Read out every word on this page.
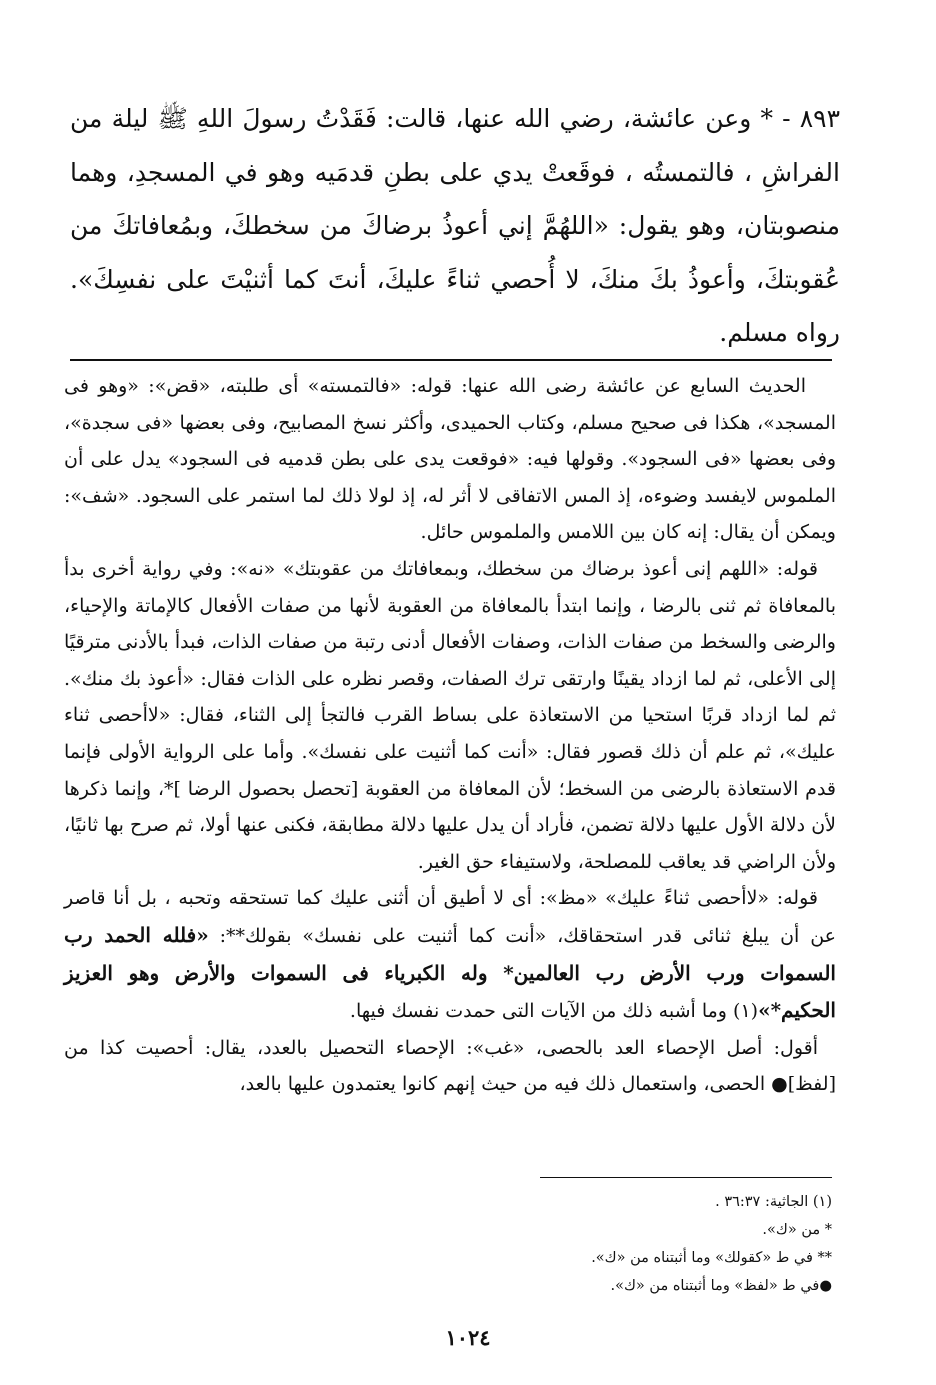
٨٩٣ - * وعن عائشة، رضي الله عنها، قالت: فَقَدْتُ رسولَ اللهِ ﷺ ليلة من الفراشِ ، فالتمستُه ، فوقَعتْ يدي على بطنِ قدمَيه وهو في المسجدِ، وهما منصوبتان، وهو يقول: «اللهُمَّ إني أعوذُ برضاكَ من سخطكَ، وبمُعافاتكَ من عُقوبتكَ، وأعوذُ بكَ منكَ، لا أُحصي ثناءً عليكَ، أنتَ كما أثنيْتَ على نفسِكَ». رواه مسلم.

الحديث السابع عن عائشة رضى الله عنها: قوله: «فالتمسته» أى طلبته، «قض»: «وهو فى المسجد»، هكذا فى صحيح مسلم، وكتاب الحميدى، وأكثر نسخ المصابيح، وفى بعضها «فى سجدة»، وفى بعضها «فى السجود». وقولها فيه: «فوقعت يدى على بطن قدميه فى السجود» يدل على أن الملموس لايفسد وضوءه، إذ المس الاتفاقى لا أثر له، إذ لولا ذلك لما استمر على السجود. «شف»: ويمكن أن يقال: إنه كان بين اللامس والملموس حائل.

قوله: «اللهم إنى أعوذ برضاك من سخطك، وبمعافاتك من عقوبتك» «نه»: وفي رواية أخرى بدأ بالمعافاة ثم ثنى بالرضا ، وإنما ابتدأ بالمعافاة من العقوبة لأنها من صفات الأفعال كالإماتة والإحياء، والرضى والسخط من صفات الذات، وصفات الأفعال أدنى رتبة من صفات الذات، فبدأ بالأدنى مترقيًا إلى الأعلى، ثم لما ازداد يقينًا وارتقى ترك الصفات، وقصر نظره على الذات فقال: «أعوذ بك منك». ثم لما ازداد قربًا استحيا من الاستعاذة على بساط القرب فالتجأ إلى الثناء، فقال: «لاأحصى ثناء عليك»، ثم علم أن ذلك قصور فقال: «أنت كما أثنيت على نفسك». وأما على الرواية الأولى فإنما قدم الاستعاذة بالرضى من السخط؛ لأن المعافاة من العقوبة [تحصل بحصول الرضا ]*، وإنما ذكرها لأن دلالة الأول عليها دلالة تضمن، فأراد أن يدل عليها دلالة مطابقة، فكنى عنها أولا، ثم صرح بها ثانيًا، ولأن الراضي قد يعاقب للمصلحة، ولاستيفاء حق الغير.

قوله: «لاأحصى ثناءً عليك» «مظ»: أى لا أطيق أن أثنى عليك كما تستحقه وتحبه ، بل أنا قاصر عن أن يبلغ ثنائى قدر استحقاقك، «أنت كما أثنيت على نفسك» بقولك**: «فلله الحمد رب السموات ورب الأرض رب العالمين* وله الكبرياء فى السموات والأرض وهو العزيز الحكيم*»(١) وما أشبه ذلك من الآيات التى حمدت نفسك فيها.

أقول: أصل الإحصاء العد بالحصى، «غب»: الإحصاء التحصيل بالعدد، يقال: أحصيت كذا من [لفظ]● الحصى، واستعمال ذلك فيه من حيث إنهم كانوا يعتمدون عليها بالعد،

(١) الجاثية: ٣٦:٣٧ .
* من «ك».
** في ط «كقولك» وما أثبتناه من «ك».
●في ط «لفظ» وما أثبتناه من «ك».
١٠٢٤
